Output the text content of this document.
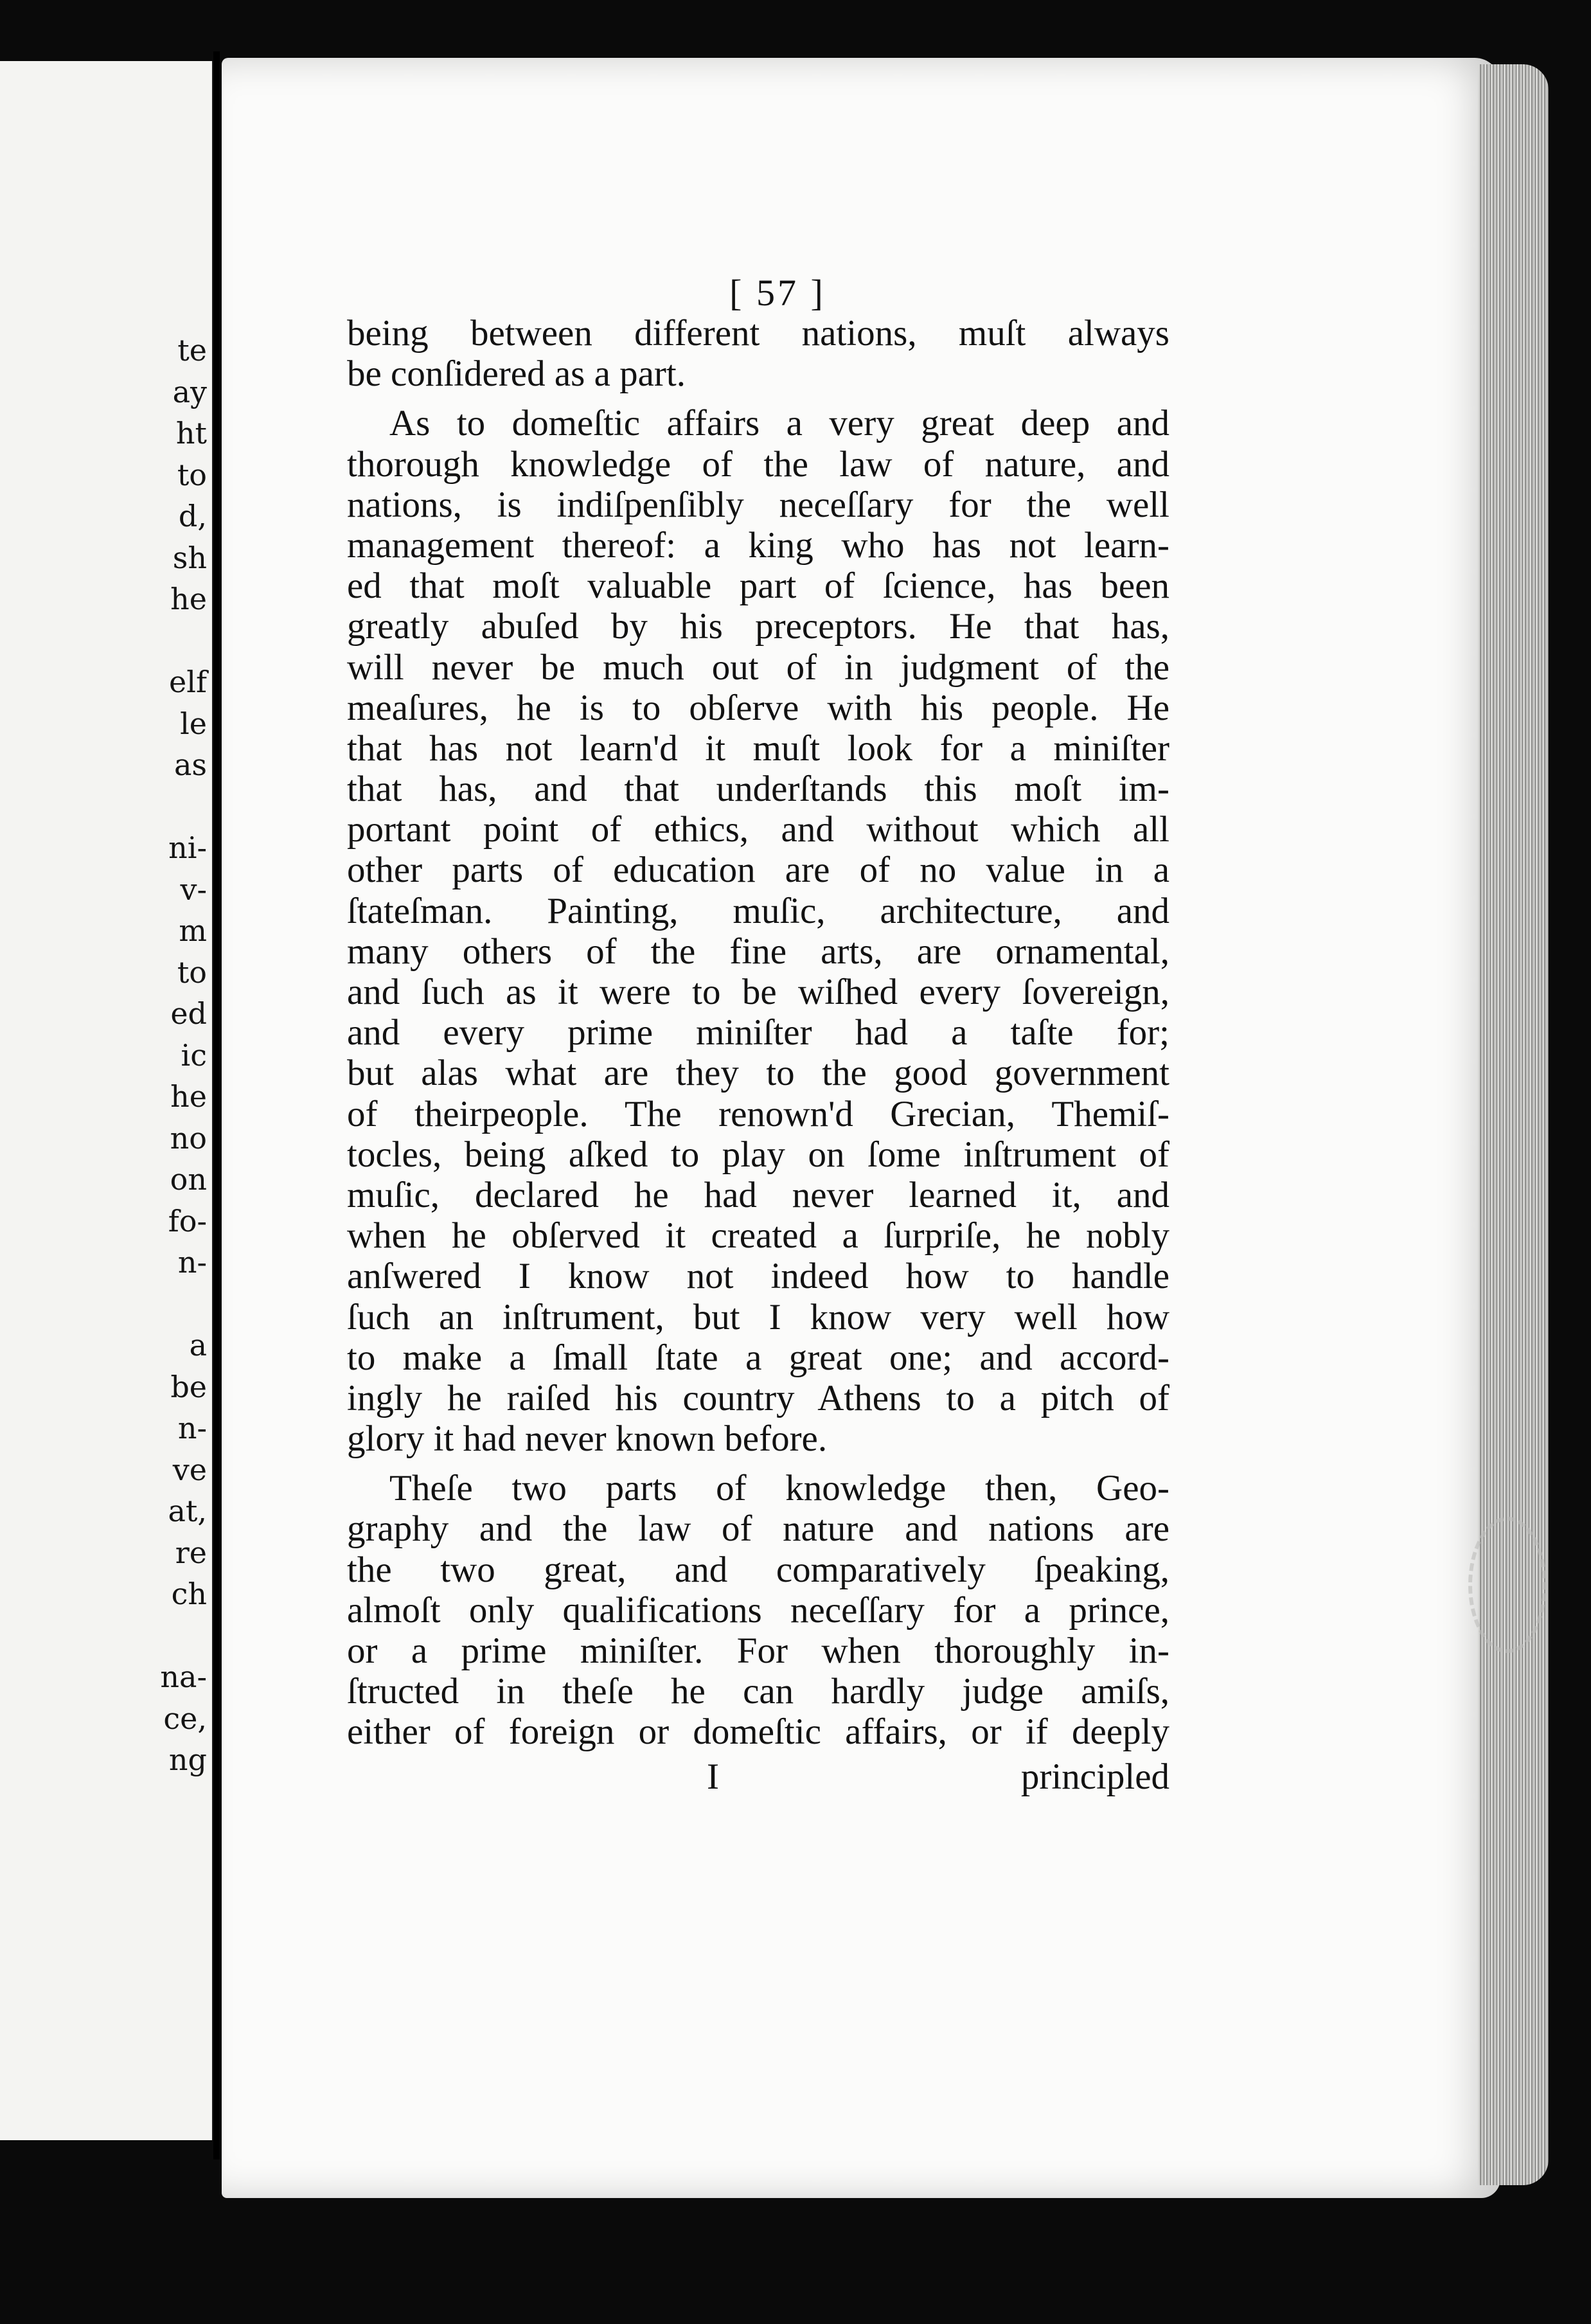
te
ay
ht
to
d,
sh
he
elf
le
as
ni-
v-
m
to
ed
ic
he
no
on
fo-
n-
a
be
n-
ve
at,
re
ch
na-
ce,
ng
[ 57 ]
being between different nations, muſt always
be conſidered as a part.
As to domeſtic affairs a very great deep and
thorough knowledge of the law of nature, and
nations, is indiſpenſibly neceſſary for the well
management thereof: a king who has not learn-
ed that moſt valuable part of ſcience, has been
greatly abuſed by his preceptors. He that has,
will never be much out of in judgment of the
meaſures, he is to obſerve with his people. He
that has not learn'd it muſt look for a miniſter
that has, and that underſtands this moſt im-
portant point of ethics, and without which all
other parts of education are of no value in a
ſtateſman. Painting, muſic, architecture, and
many others of the fine arts, are ornamental,
and ſuch as it were to be wiſhed every ſovereign,
and every prime miniſter had a taſte for;
but alas what are they to the good government
of theirpeople. The renown'd Grecian, Themiſ-
tocles, being aſked to play on ſome inſtrument of
muſic, declared he had never learned it, and
when he obſerved it created a ſurpriſe, he nobly
anſwered I know not indeed how to handle
ſuch an inſtrument, but I know very well how
to make a ſmall ſtate a great one; and accord-
ingly he raiſed his country Athens to a pitch of
glory it had never known before.
Theſe two parts of knowledge then, Geo-
graphy and the law of nature and nations are
the two great, and comparatively ſpeaking,
almoſt only qualifications neceſſary for a prince,
or a prime miniſter. For when thoroughly in-
ſtructed in theſe he can hardly judge amiſs,
either of foreign or domeſtic affairs, or if deeply
I	principled
